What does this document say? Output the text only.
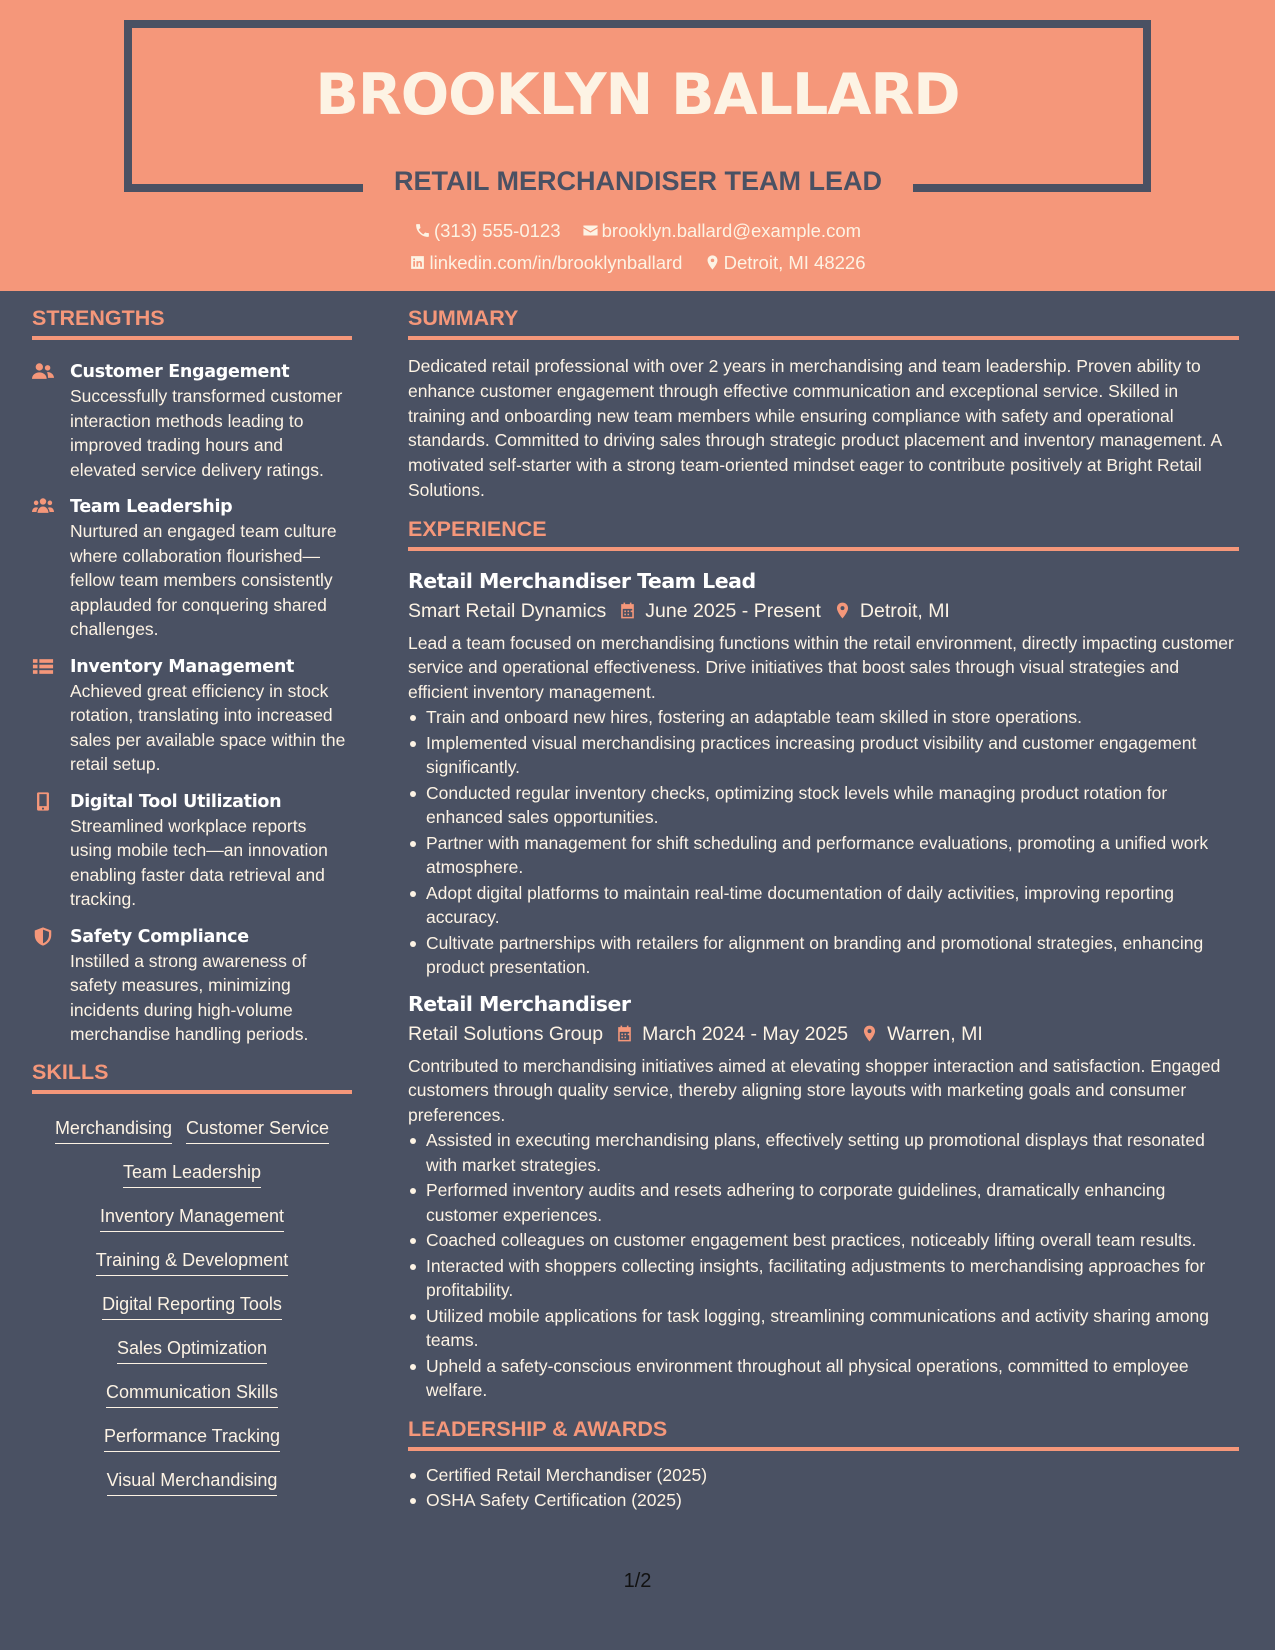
BROOKLYN BALLARD
RETAIL MERCHANDISER TEAM LEAD
(313) 555-0123 brooklyn.ballard@example.com
linkedin.com/in/brooklynballard Detroit, MI 48226
STRENGTHS
Customer Engagement
Successfully transformed customer interaction methods leading to improved trading hours and elevated service delivery ratings.
Team Leadership
Nurtured an engaged team culture where collaboration flourished—fellow team members consistently applauded for conquering shared challenges.
Inventory Management
Achieved great efficiency in stock rotation, translating into increased sales per available space within the retail setup.
Digital Tool Utilization
Streamlined workplace reports using mobile tech—an innovation enabling faster data retrieval and tracking.
Safety Compliance
Instilled a strong awareness of safety measures, minimizing incidents during high-volume merchandise handling periods.
SKILLS
Merchandising Customer Service
Team Leadership
Inventory Management
Training & Development
Digital Reporting Tools
Sales Optimization
Communication Skills
Performance Tracking
Visual Merchandising
SUMMARY
Dedicated retail professional with over 2 years in merchandising and team leadership. Proven ability to enhance customer engagement through effective communication and exceptional service. Skilled in training and onboarding new team members while ensuring compliance with safety and operational standards. Committed to driving sales through strategic product placement and inventory management. A motivated self-starter with a strong team-oriented mindset eager to contribute positively at Bright Retail Solutions.
EXPERIENCE
Retail Merchandiser Team Lead
Smart Retail Dynamics June 2025 - Present Detroit, MI
Lead a team focused on merchandising functions within the retail environment, directly impacting customer service and operational effectiveness. Drive initiatives that boost sales through visual strategies and efficient inventory management.
Train and onboard new hires, fostering an adaptable team skilled in store operations.
Implemented visual merchandising practices increasing product visibility and customer engagement significantly.
Conducted regular inventory checks, optimizing stock levels while managing product rotation for enhanced sales opportunities.
Partner with management for shift scheduling and performance evaluations, promoting a unified work atmosphere.
Adopt digital platforms to maintain real-time documentation of daily activities, improving reporting accuracy.
Cultivate partnerships with retailers for alignment on branding and promotional strategies, enhancing product presentation.
Retail Merchandiser
Retail Solutions Group March 2024 - May 2025 Warren, MI
Contributed to merchandising initiatives aimed at elevating shopper interaction and satisfaction. Engaged customers through quality service, thereby aligning store layouts with marketing goals and consumer preferences.
Assisted in executing merchandising plans, effectively setting up promotional displays that resonated with market strategies.
Performed inventory audits and resets adhering to corporate guidelines, dramatically enhancing customer experiences.
Coached colleagues on customer engagement best practices, noticeably lifting overall team results.
Interacted with shoppers collecting insights, facilitating adjustments to merchandising approaches for profitability.
Utilized mobile applications for task logging, streamlining communications and activity sharing among teams.
Upheld a safety-conscious environment throughout all physical operations, committed to employee welfare.
LEADERSHIP & AWARDS
Certified Retail Merchandiser (2025)
OSHA Safety Certification (2025)
1/2
